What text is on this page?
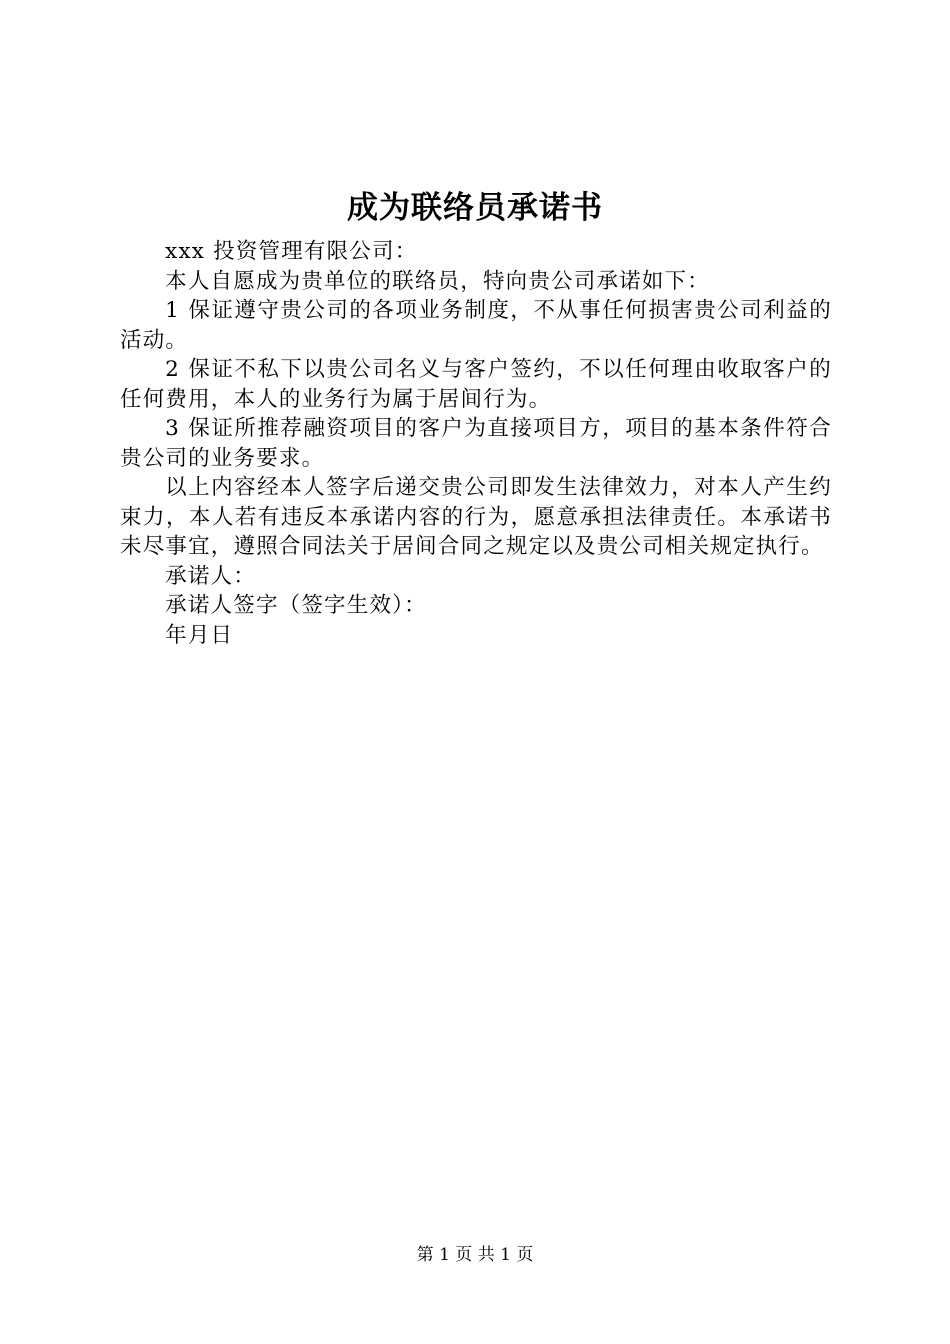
成为联络员承诺书

xxx 投资管理有限公司：

本人自愿成为贵单位的联络员，特向贵公司承诺如下：

1 保证遵守贵公司的各项业务制度，不从事任何损害贵公司利益的活动。

2 保证不私下以贵公司名义与客户签约，不以任何理由收取客户的任何费用，本人的业务行为属于居间行为。

3 保证所推荐融资项目的客户为直接项目方，项目的基本条件符合贵公司的业务要求。

以上内容经本人签字后递交贵公司即发生法律效力，对本人产生约束力，本人若有违反本承诺内容的行为，愿意承担法律责任。本承诺书未尽事宜，遵照合同法关于居间合同之规定以及贵公司相关规定执行。

承诺人：

承诺人签字（签字生效）：

年月日

第 1 页 共 1 页
